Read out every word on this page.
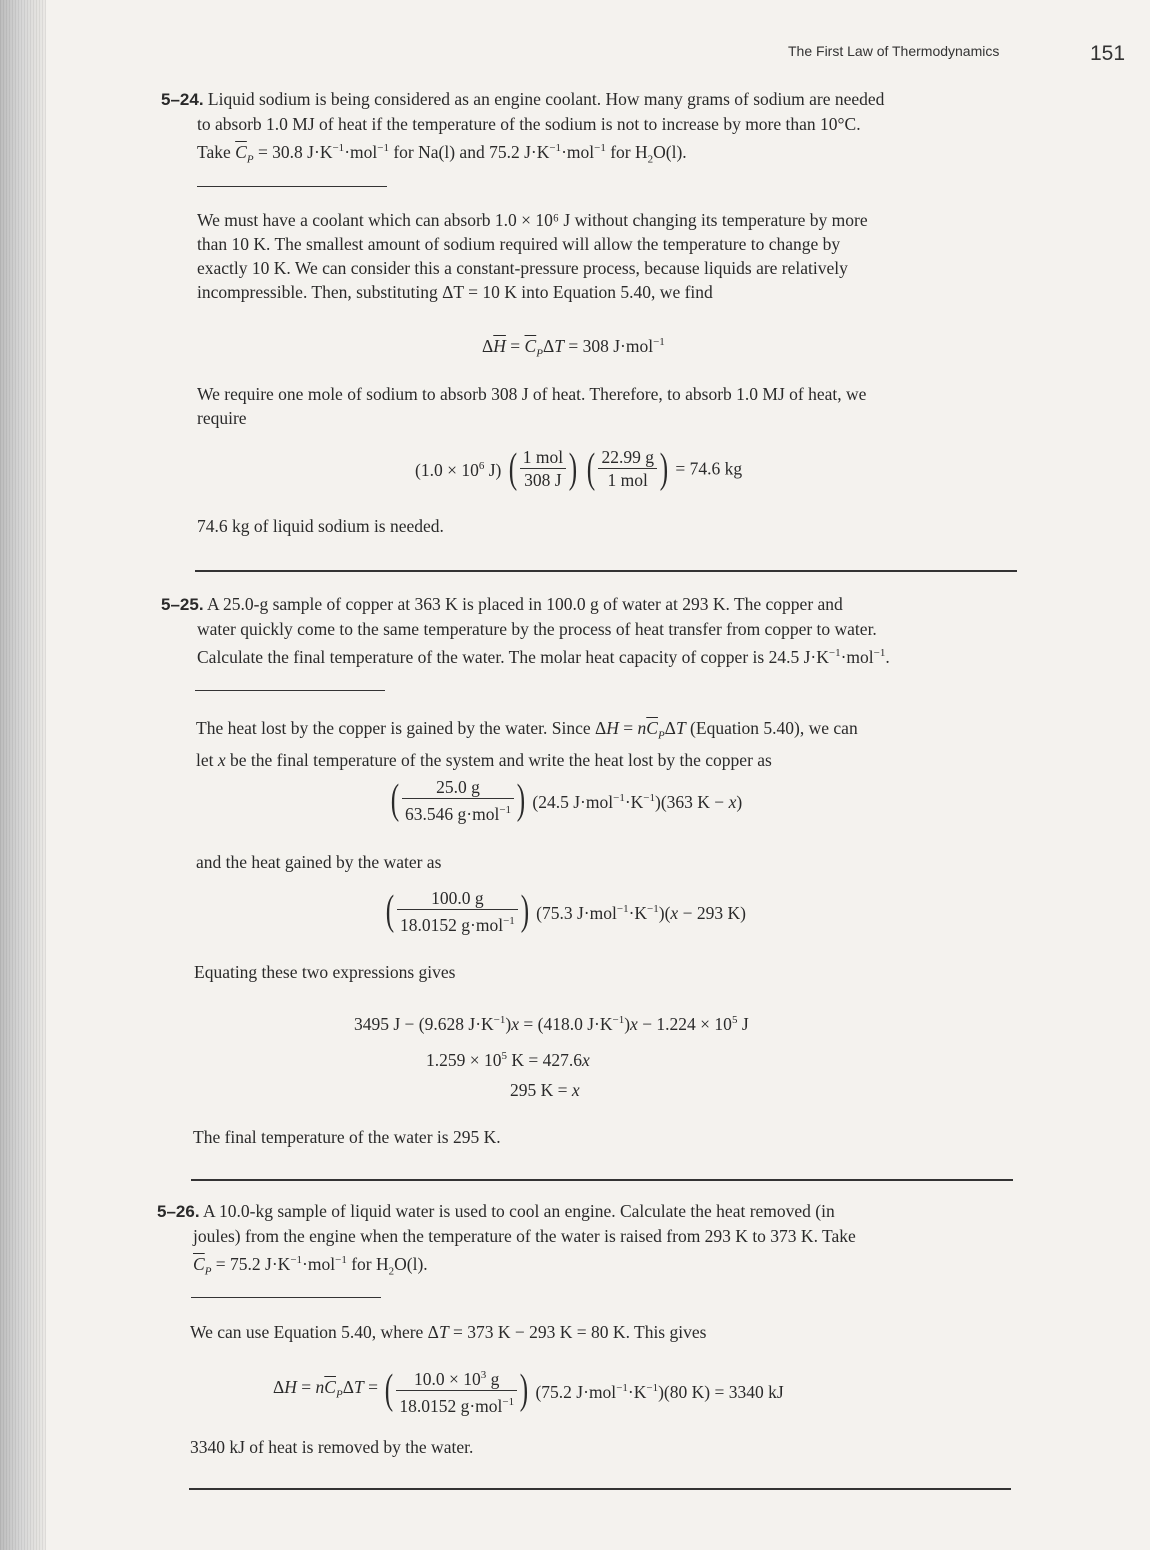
The First Law of Thermodynamics	151
5–24. Liquid sodium is being considered as an engine coolant. How many grams of sodium are needed
to absorb 1.0 MJ of heat if the temperature of the sodium is not to increase by more than 10°C.
Take $\overline{C}_P = 30.8$ $J\cdot K^{-1}\cdot mol^{-1}$ for Na(l) and 75.2 $J\cdot K^{-1}\cdot mol^{-1}$ for $H_2O(l)$.
We must have a coolant which can absorb 1.0 × 10⁶ J without changing its temperature by more
than 10 K. The smallest amount of sodium required will allow the temperature to change by
exactly 10 K. We can consider this a constant-pressure process, because liquids are relatively
incompressible. Then, substituting ΔT = 10 K into Equation 5.40, we find
$\Delta\overline{H} = \overline{C}_P\Delta T = 308$ J·mol$^{-1}$
We require one mole of sodium to absorb 308 J of heat. Therefore, to absorb 1.0 MJ of heat, we
require
($1.0 \times 10^6$ J) ( $\frac{\text{1 mol}}{308 J}$ ) ( $\frac{22.99 g}{\text{1 mol}}$ ) = 74.6 kg
74.6 kg of liquid sodium is needed.
5–25. A 25.0-g sample of copper at 363 K is placed in 100.0 g of water at 293 K. The copper and
water quickly come to the same temperature by the process of heat transfer from copper to water.
Calculate the final temperature of the water. The molar heat capacity of copper is 24.5 $J\cdot K^{-1}\cdot mol^{-1}$.
The heat lost by the copper is gained by the water. Since $\Delta H = n\overline{C}_P\Delta T$ (Equation 5.40), we can
let x be the final temperature of the system and write the heat lost by the copper as
( $\frac{25.0 g}{63.546 g\cdot mol^{-1}}$ ) (24.5 $J\cdot mol^{-1}\cdot K^{-1})(363$ K − x)
and the heat gained by the water as
( $\frac{100.0 g}{18.0152 g\cdot mol^{-1}}$ ) (75.3 $J\cdot mol^{-1}\cdot K^{-1})(x - 293$ K)
Equating these two expressions gives
3495 J − (9.628 $J\cdot K^{-1})x = (418.0$ $J\cdot K^{-1})x - 1.224 \times 10^5$ J
$1.259 \times 10^5$ K = 427.6x
295 K = x
The final temperature of the water is 295 K.
5–26. A 10.0-kg sample of liquid water is used to cool an engine. Calculate the heat removed (in
joules) from the engine when the temperature of the water is raised from 293 K to 373 K. Take
$\overline{C}_P = 75.2$ $J\cdot K^{-1}\cdot mol^{-1}$ for $H_2O(l)$.
We can use Equation 5.40, where ΔT = 373 K − 293 K = 80 K. This gives
$\Delta H = n\overline{C}_P\Delta T$ = ( $\frac{10.0 \times 10^3 g}{18.0152 g\cdot mol^{-1}}$ ) (75.2 $J\cdot mol^{-1}\cdot K^{-1})(80$ K) = 3340 kJ
3340 kJ of heat is removed by the water.
